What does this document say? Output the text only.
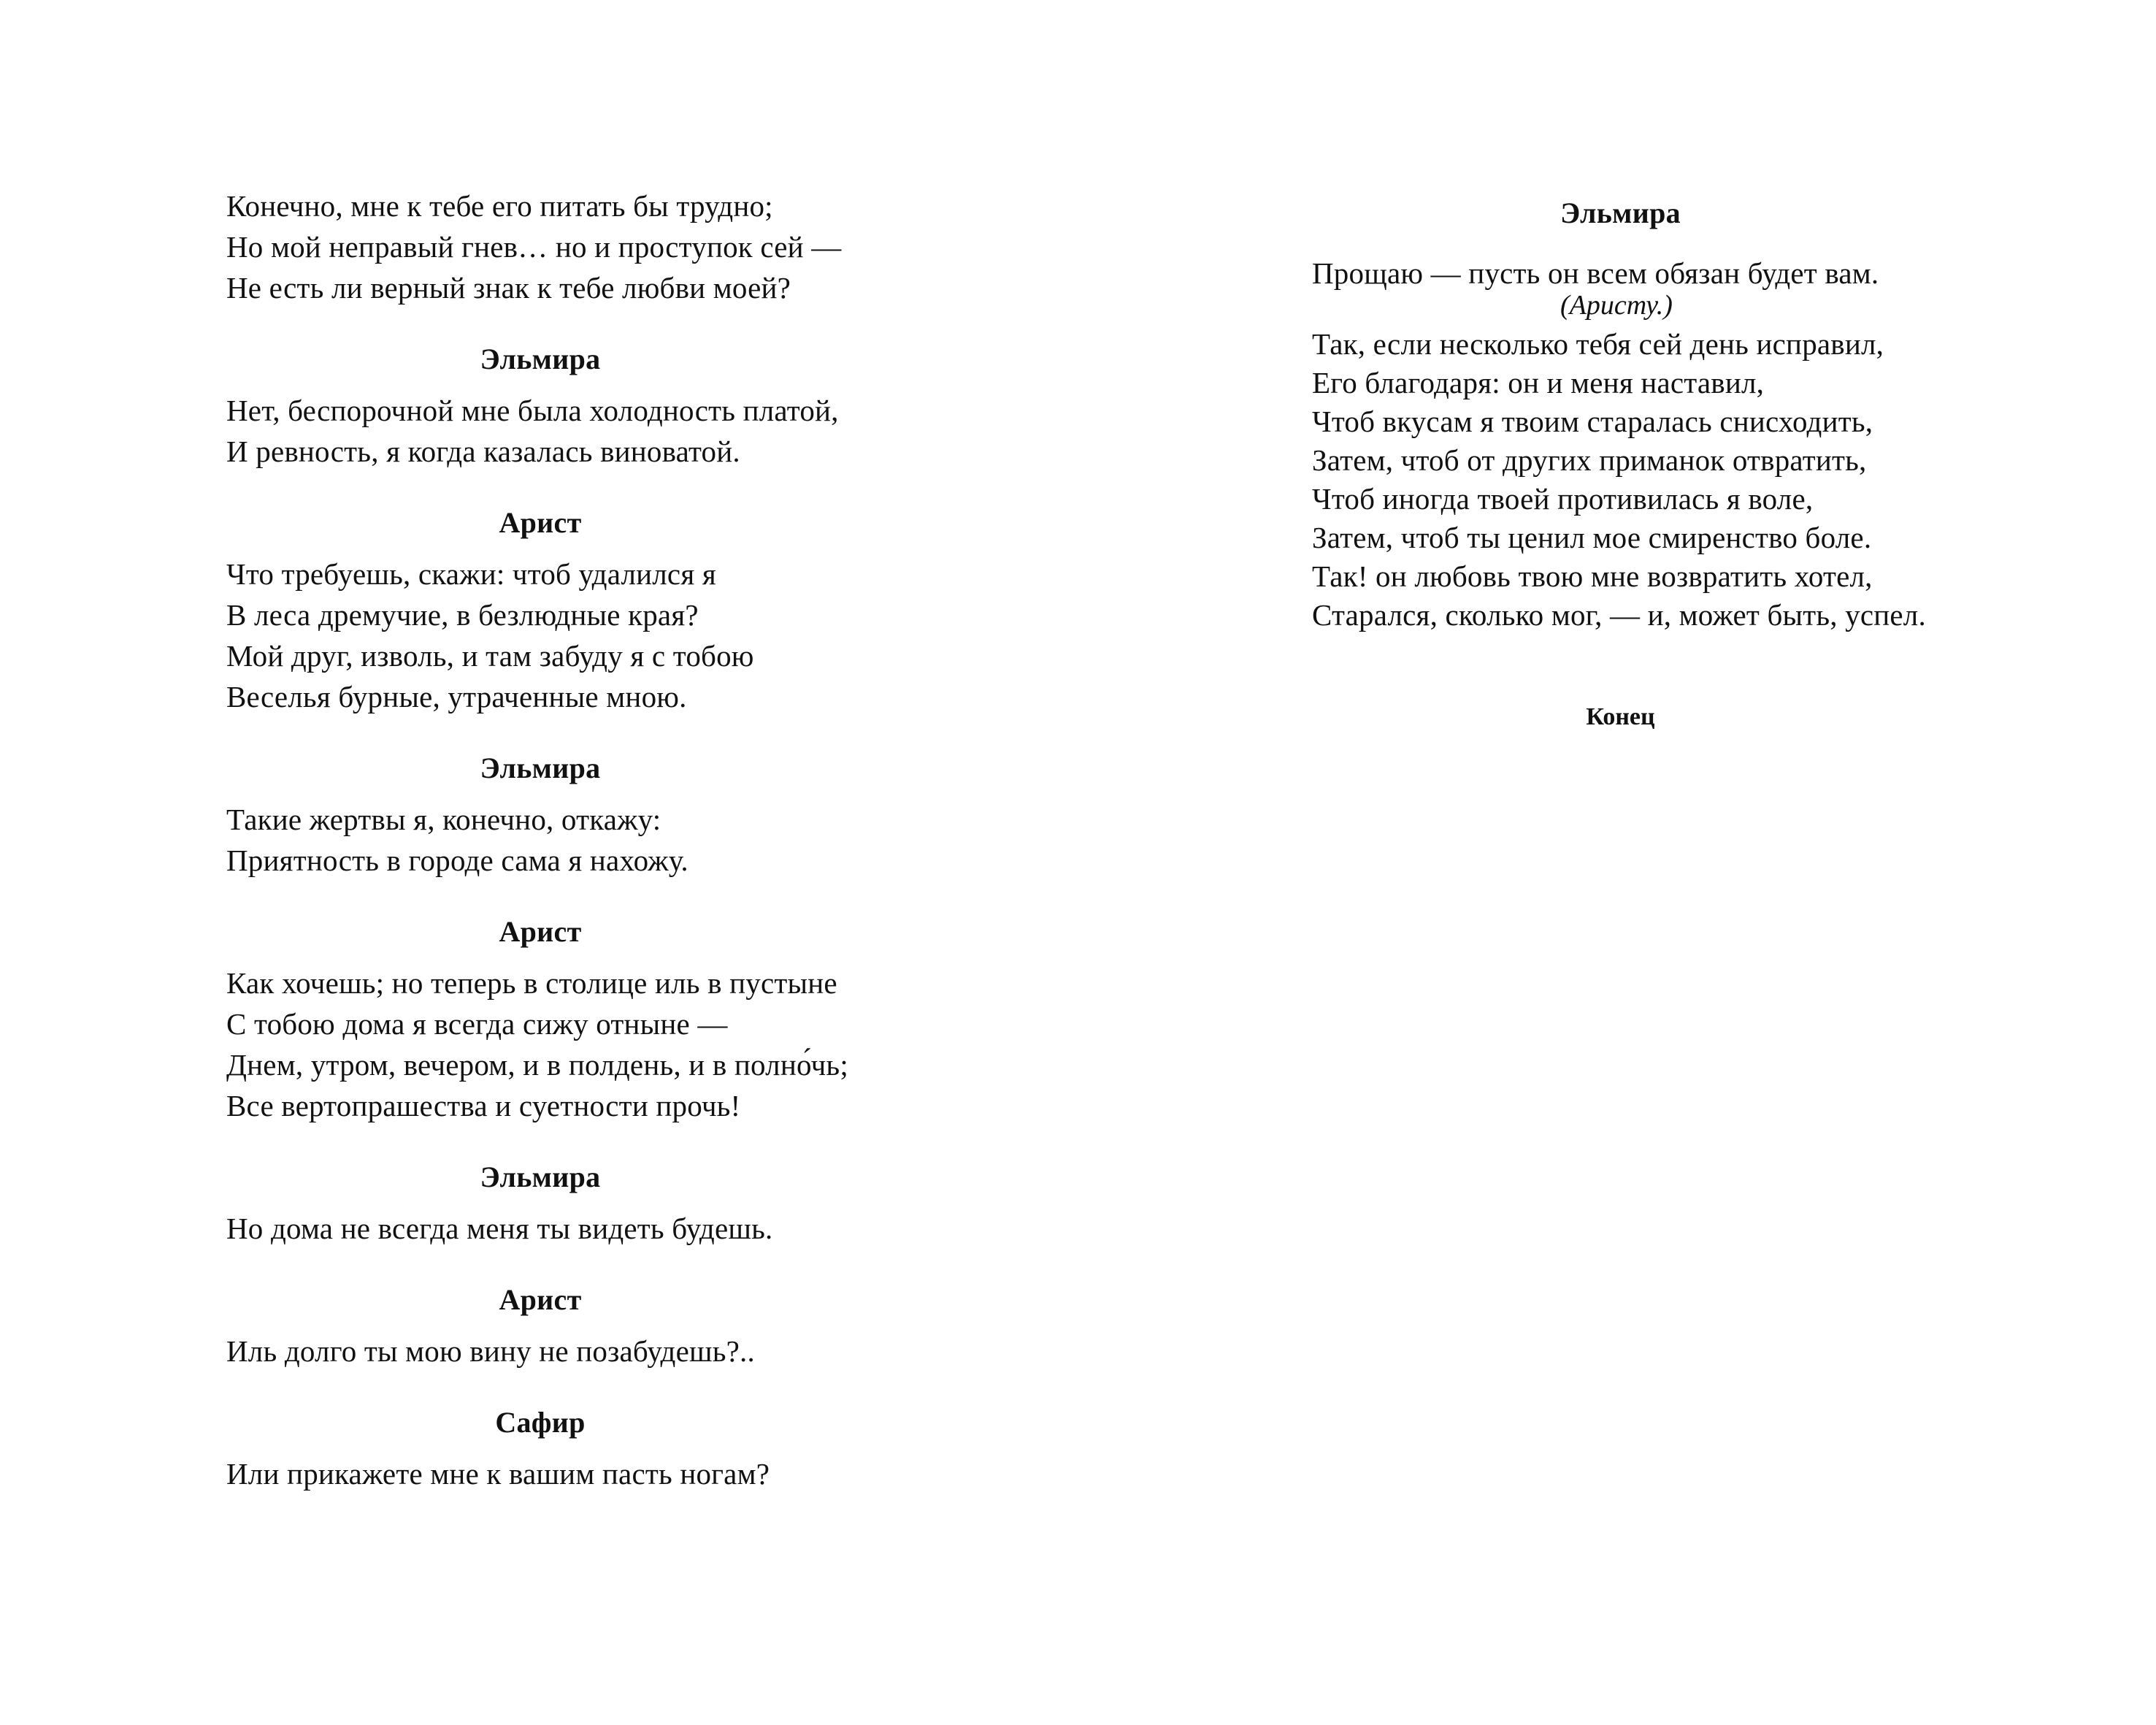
Конечно, мне к тебе его питать бы трудно;
Но мой неправый гнев… но и проступок сей —
Не есть ли верный знак к тебе любви моей?
Эльмира
Нет, беспорочной мне была холодность платой,
И ревность, я когда казалась виноватой.
Арист
Что требуешь, скажи: чтоб удалился я
В леса дремучие, в безлюдные края?
Мой друг, изволь, и там забуду я с тобою
Веселья бурные, утраченные мною.
Эльмира
Такие жертвы я, конечно, откажу:
Приятность в городе сама я нахожу.
Арист
Как хочешь; но теперь в столице иль в пустыне
С тобою дома я всегда сижу отныне —
Днем, утром, вечером, и в полдень, и в полно́чь;
Все вертопрашества и суетности прочь!
Эльмира
Но дома не всегда меня ты видеть будешь.
Арист
Иль долго ты мою вину не позабудешь?..
Сафир
Или прикажете мне к вашим пасть ногам?
Эльмира
Прощаю — пусть он всем обязан будет вам.
(Аристу.)
Так, если несколько тебя сей день исправил,
Его благодаря: он и меня наставил,
Чтоб вкусам я твоим старалась снисходить,
Затем, чтоб от других приманок отвратить,
Чтоб иногда твоей противилась я воле,
Затем, чтоб ты ценил мое смиренство боле.
Так! он любовь твою мне возвратить хотел,
Старался, сколько мог, — и, может быть, успел.
Конец
